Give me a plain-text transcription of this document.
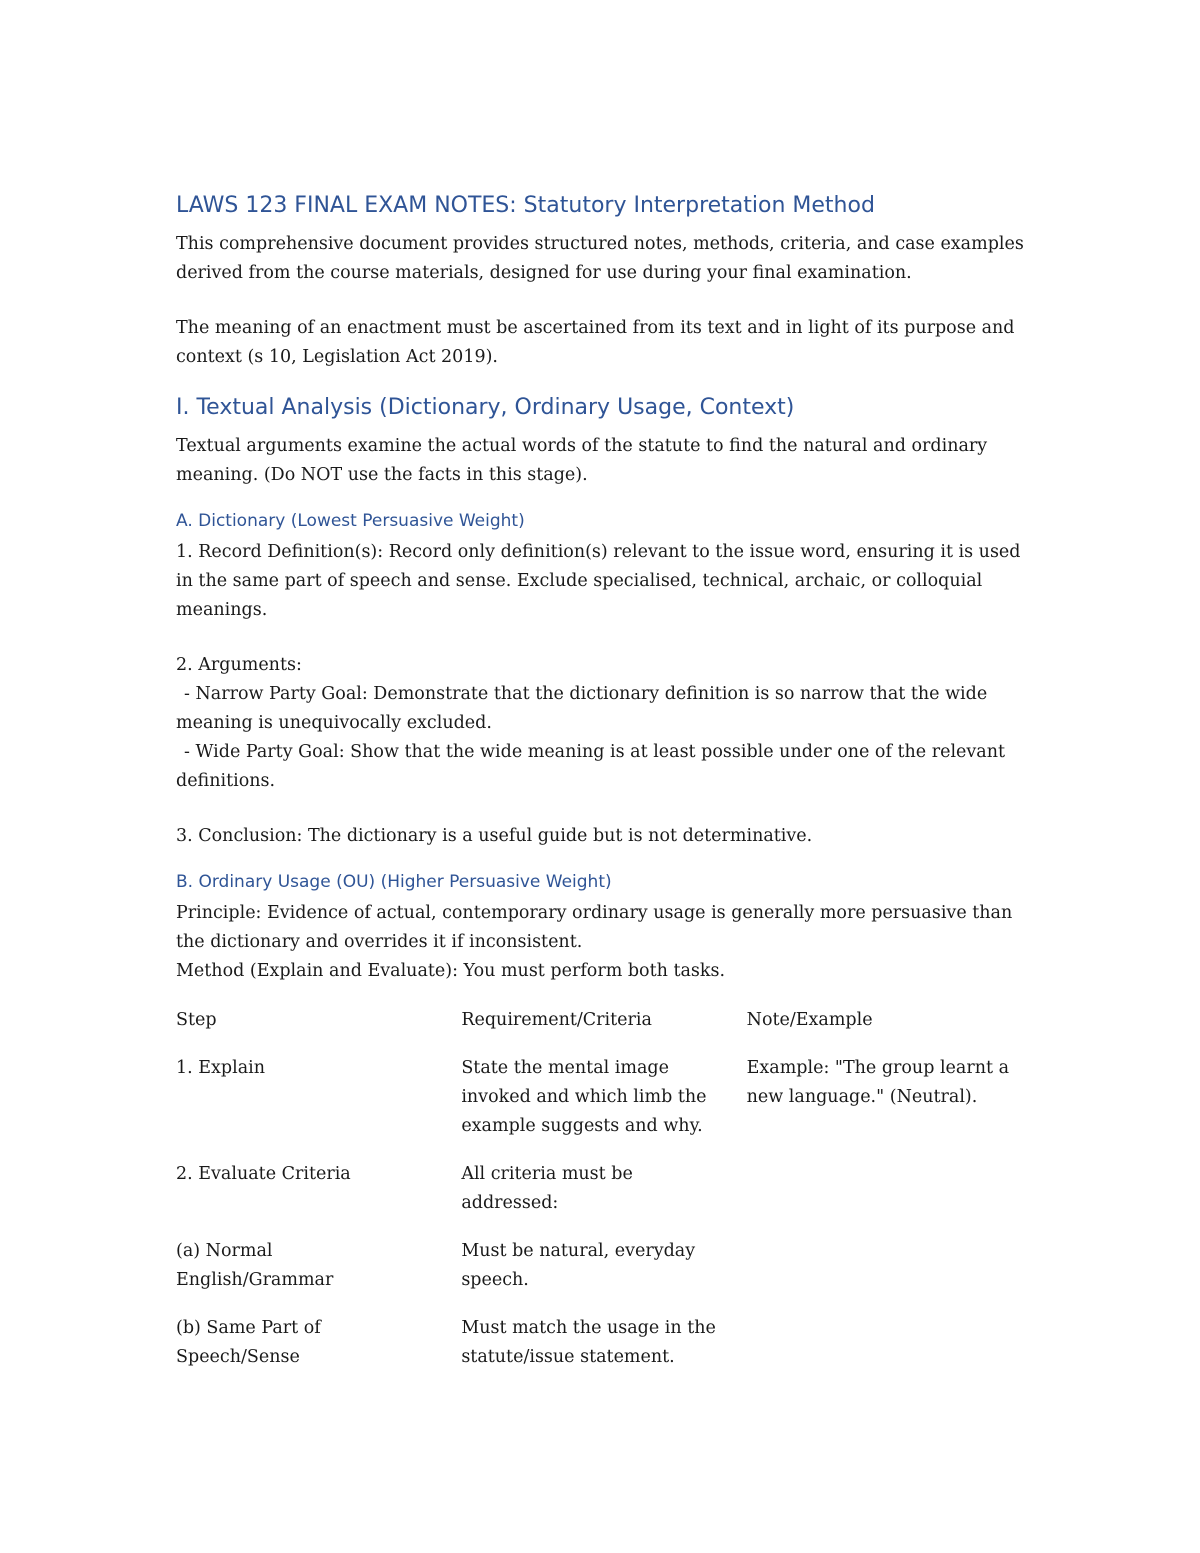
LAWS 123 FINAL EXAM NOTES: Statutory Interpretation Method

This comprehensive document provides structured notes, methods, criteria, and case examples derived from the course materials, designed for use during your final examination.

The meaning of an enactment must be ascertained from its text and in light of its purpose and context (s 10, Legislation Act 2019).

I. Textual Analysis (Dictionary, Ordinary Usage, Context)

Textual arguments examine the actual words of the statute to find the natural and ordinary meaning. (Do NOT use the facts in this stage).

A. Dictionary (Lowest Persuasive Weight)

1. Record Definition(s): Record only definition(s) relevant to the issue word, ensuring it is used in the same part of speech and sense. Exclude specialised, technical, archaic, or colloquial meanings.

2. Arguments:

- Narrow Party Goal: Demonstrate that the dictionary definition is so narrow that the wide meaning is unequivocally excluded.

- Wide Party Goal: Show that the wide meaning is at least possible under one of the relevant definitions.

3. Conclusion: The dictionary is a useful guide but is not determinative.

B. Ordinary Usage (OU) (Higher Persuasive Weight)

Principle: Evidence of actual, contemporary ordinary usage is generally more persuasive than the dictionary and overrides it if inconsistent.

Method (Explain and Evaluate): You must perform both tasks.

Step	Requirement/Criteria	Note/Example

1. Explain	State the mental image invoked and which limb the example suggests and why.	Example: "The group learnt a new language." (Neutral).

2. Evaluate Criteria	All criteria must be addressed:	

(a) Normal English/Grammar	Must be natural, everyday speech.	

(b) Same Part of Speech/Sense	Must match the usage in the statute/issue statement.	
